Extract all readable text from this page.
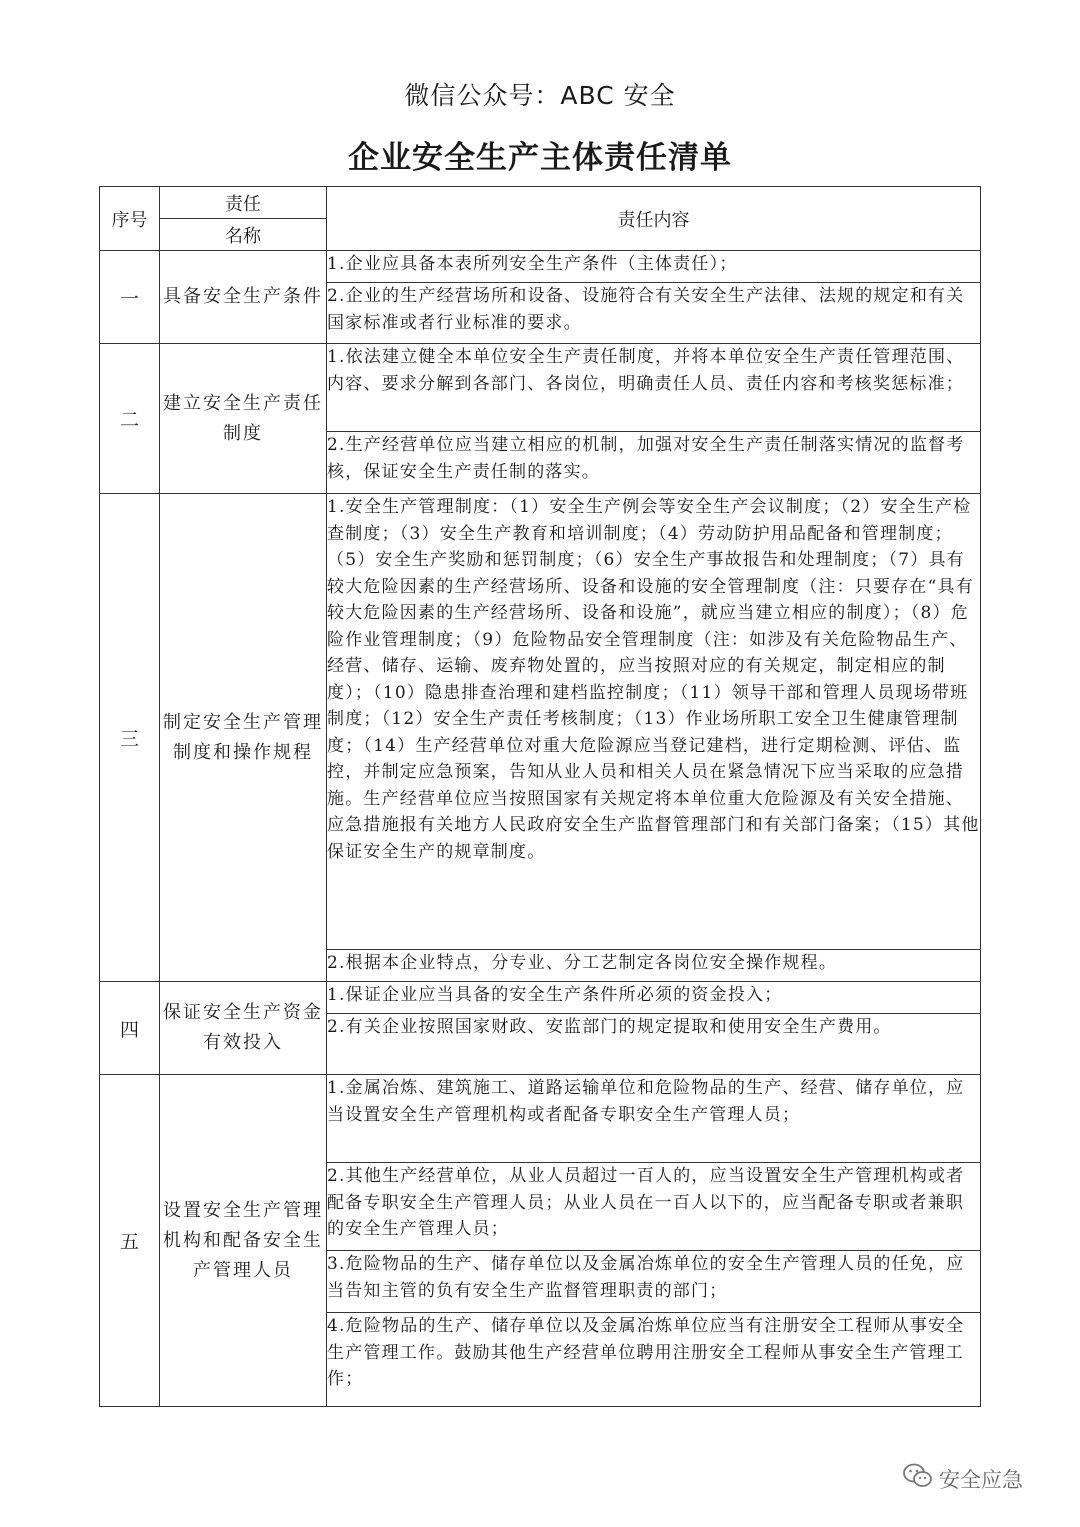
微信公众号：ABC 安全
企业安全生产主体责任清单
序号	责任	责任内容
	名称	
一	具备安全生产条件	1.企业应具备本表所列安全生产条件（主体责任）；
		2.企业的生产经营场所和设备、设施符合有关安全生产法律、法规的规定和有关国家标准或者行业标准的要求。
二	建立安全生产责任制度	1.依法建立健全本单位安全生产责任制度，并将本单位安全生产责任管理范围、内容、要求分解到各部门、各岗位，明确责任人员、责任内容和考核奖惩标准；
		2.生产经营单位应当建立相应的机制，加强对安全生产责任制落实情况的监督考核，保证安全生产责任制的落实。
三	制定安全生产管理制度和操作规程	1.安全生产管理制度：（1）安全生产例会等安全生产会议制度；（2）安全生产检查制度；（3）安全生产教育和培训制度；（4）劳动防护用品配备和管理制度；（5）安全生产奖励和惩罚制度；（6）安全生产事故报告和处理制度；（7）具有较大危险因素的生产经营场所、设备和设施的安全管理制度（注：只要存在“具有较大危险因素的生产经营场所、设备和设施”，就应当建立相应的制度）；（8）危险作业管理制度；（9）危险物品安全管理制度（注：如涉及有关危险物品生产、经营、储存、运输、废弃物处置的，应当按照对应的有关规定，制定相应的制度）；（10）隐患排查治理和建档监控制度；（11）领导干部和管理人员现场带班制度；（12）安全生产责任考核制度；（13）作业场所职工安全卫生健康管理制度；（14）生产经营单位对重大危险源应当登记建档，进行定期检测、评估、监控，并制定应急预案，告知从业人员和相关人员在紧急情况下应当采取的应急措施。生产经营单位应当按照国家有关规定将本单位重大危险源及有关安全措施、应急措施报有关地方人民政府安全生产监督管理部门和有关部门备案；（15）其他保证安全生产的规章制度。
		2.根据本企业特点，分专业、分工艺制定各岗位安全操作规程。
四	保证安全生产资金有效投入	1.保证企业应当具备的安全生产条件所必须的资金投入；
		2.有关企业按照国家财政、安监部门的规定提取和使用安全生产费用。
五	设置安全生产管理机构和配备安全生产管理人员	1.金属冶炼、建筑施工、道路运输单位和危险物品的生产、经营、储存单位，应当设置安全生产管理机构或者配备专职安全生产管理人员；
		2.其他生产经营单位，从业人员超过一百人的，应当设置安全生产管理机构或者配备专职安全生产管理人员；从业人员在一百人以下的，应当配备专职或者兼职的安全生产管理人员；
		3.危险物品的生产、储存单位以及金属冶炼单位的安全生产管理人员的任免，应当告知主管的负有安全生产监督管理职责的部门；
		4.危险物品的生产、储存单位以及金属冶炼单位应当有注册安全工程师从事安全生产管理工作。鼓励其他生产经营单位聘用注册安全工程师从事安全生产管理工作；
安全应急
